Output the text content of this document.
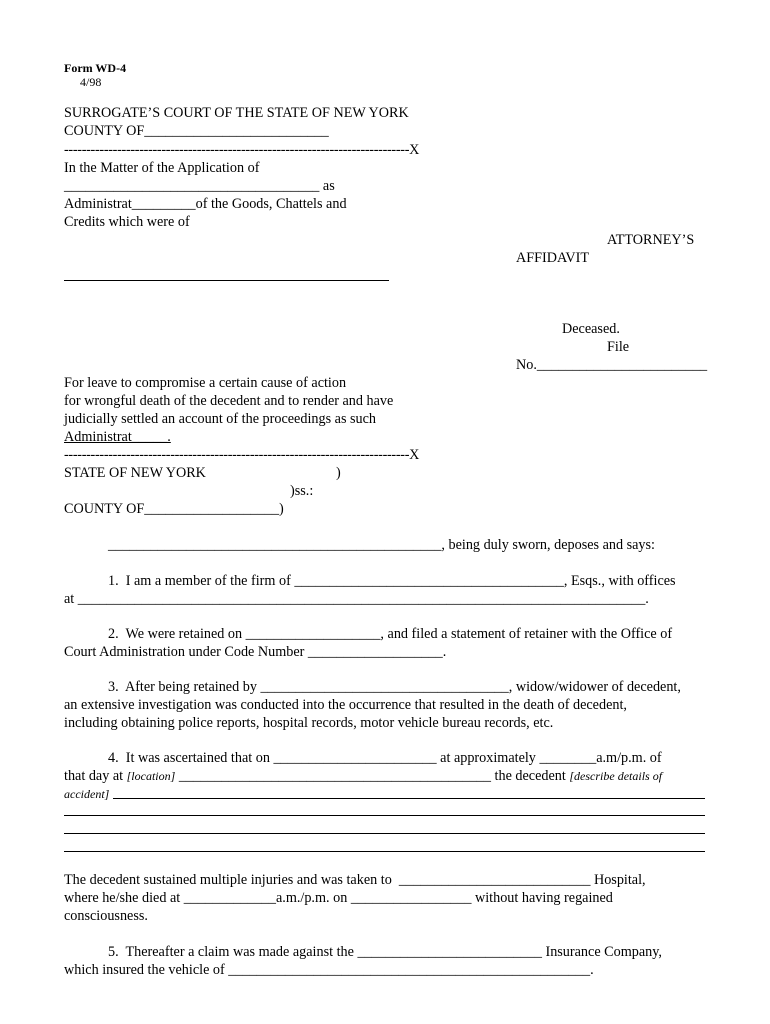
Form WD-4
4/98
SURROGATE’S COURT OF THE STATE OF NEW YORK
COUNTY OF__________________________
------------------------------------------------------------------------------X
In the Matter of the Application of
____________________________________ as
Administrat_________of the Goods, Chattels and
Credits which were of
ATTORNEY’S
AFFIDAVIT
Deceased.
File
No.________________________
For leave to compromise a certain cause of action
for wrongful death of the decedent and to render and have
judicially settled an account of the proceedings as such
Administrat_____.
------------------------------------------------------------------------------X
STATE OF NEW YORK	)
)ss.:
COUNTY OF___________________)
_______________________________________________, being duly sworn, deposes and says:
1.  I am a member of the firm of ______________________________________, Esqs., with offices
at ________________________________________________________________________________.
2.  We were retained on ___________________, and filed a statement of retainer with the Office of
Court Administration under Code Number ___________________.
3.  After being retained by ___________________________________, widow/widower of decedent,
an extensive investigation was conducted into the occurrence that resulted in the death of decedent,
including obtaining police reports, hospital records, motor vehicle bureau records, etc.
4.  It was ascertained that on _______________________ at approximately ________a.m/p.m. of
that day at [location] ____________________________________________ the decedent [describe details of
accident]
The decedent sustained multiple injuries and was taken to  ___________________________ Hospital,
where he/she died at _____________a.m./p.m. on _________________ without having regained
consciousness.
5.  Thereafter a claim was made against the __________________________ Insurance Company,
which insured the vehicle of ___________________________________________________.
